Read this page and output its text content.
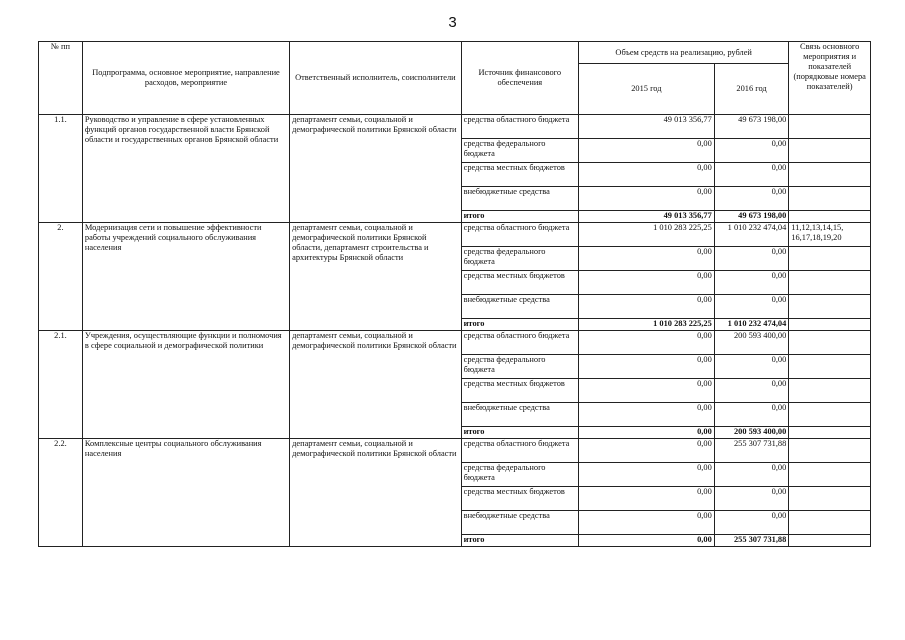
3
№ пп	Подпрограмма, основное мероприятие, направление расходов, мероприятие	Ответственный исполнитель, соисполнители	Источник финансового обеспечения	Объем средств на реализацию, рублей		Связь основного мероприятия и показателей (порядковые номера показателей)
				2015 год	2016 год	
1.1.	Руководство и управление в сфере установленных функций органов государственной власти Брянской области и государственных органов Брянской области	департамент семьи, социальной и демографической политики Брянской области	средства областного бюджета	49 013 356,77	49 673 198,00	
			средства федерального бюджета	0,00	0,00	
			средства местных бюджетов	0,00	0,00	
			внебюджетные средства	0,00	0,00	
			итого	49 013 356,77	49 673 198,00	
2.	Модернизация сети и повышение эффективности работы учреждений социального обслуживания населения	департамент семьи, социальной и демографической политики Брянской области, департамент строительства и архитектуры Брянской области	средства областного бюджета	1 010 283 225,25	1 010 232 474,04	11,12,13,14,15, 16,17,18,19,20
			средства федерального бюджета	0,00	0,00	
			средства местных бюджетов	0,00	0,00	
			внебюджетные средства	0,00	0,00	
			итого	1 010 283 225,25	1 010 232 474,04	
2.1.	Учреждения, осуществляющие функции и полномочия в сфере социальной и демографической политики	департамент семьи, социальной и демографической политики Брянской области	средства областного бюджета	0,00	200 593 400,00	
			средства федерального бюджета	0,00	0,00	
			средства местных бюджетов	0,00	0,00	
			внебюджетные средства	0,00	0,00	
			итого	0,00	200 593 400,00	
2.2.	Комплексные центры социального обслуживания населения	департамент семьи, социальной и демографической политики Брянской области	средства областного бюджета	0,00	255 307 731,88	
			средства федерального бюджета	0,00	0,00	
			средства местных бюджетов	0,00	0,00	
			внебюджетные средства	0,00	0,00	
			итого	0,00	255 307 731,88	
